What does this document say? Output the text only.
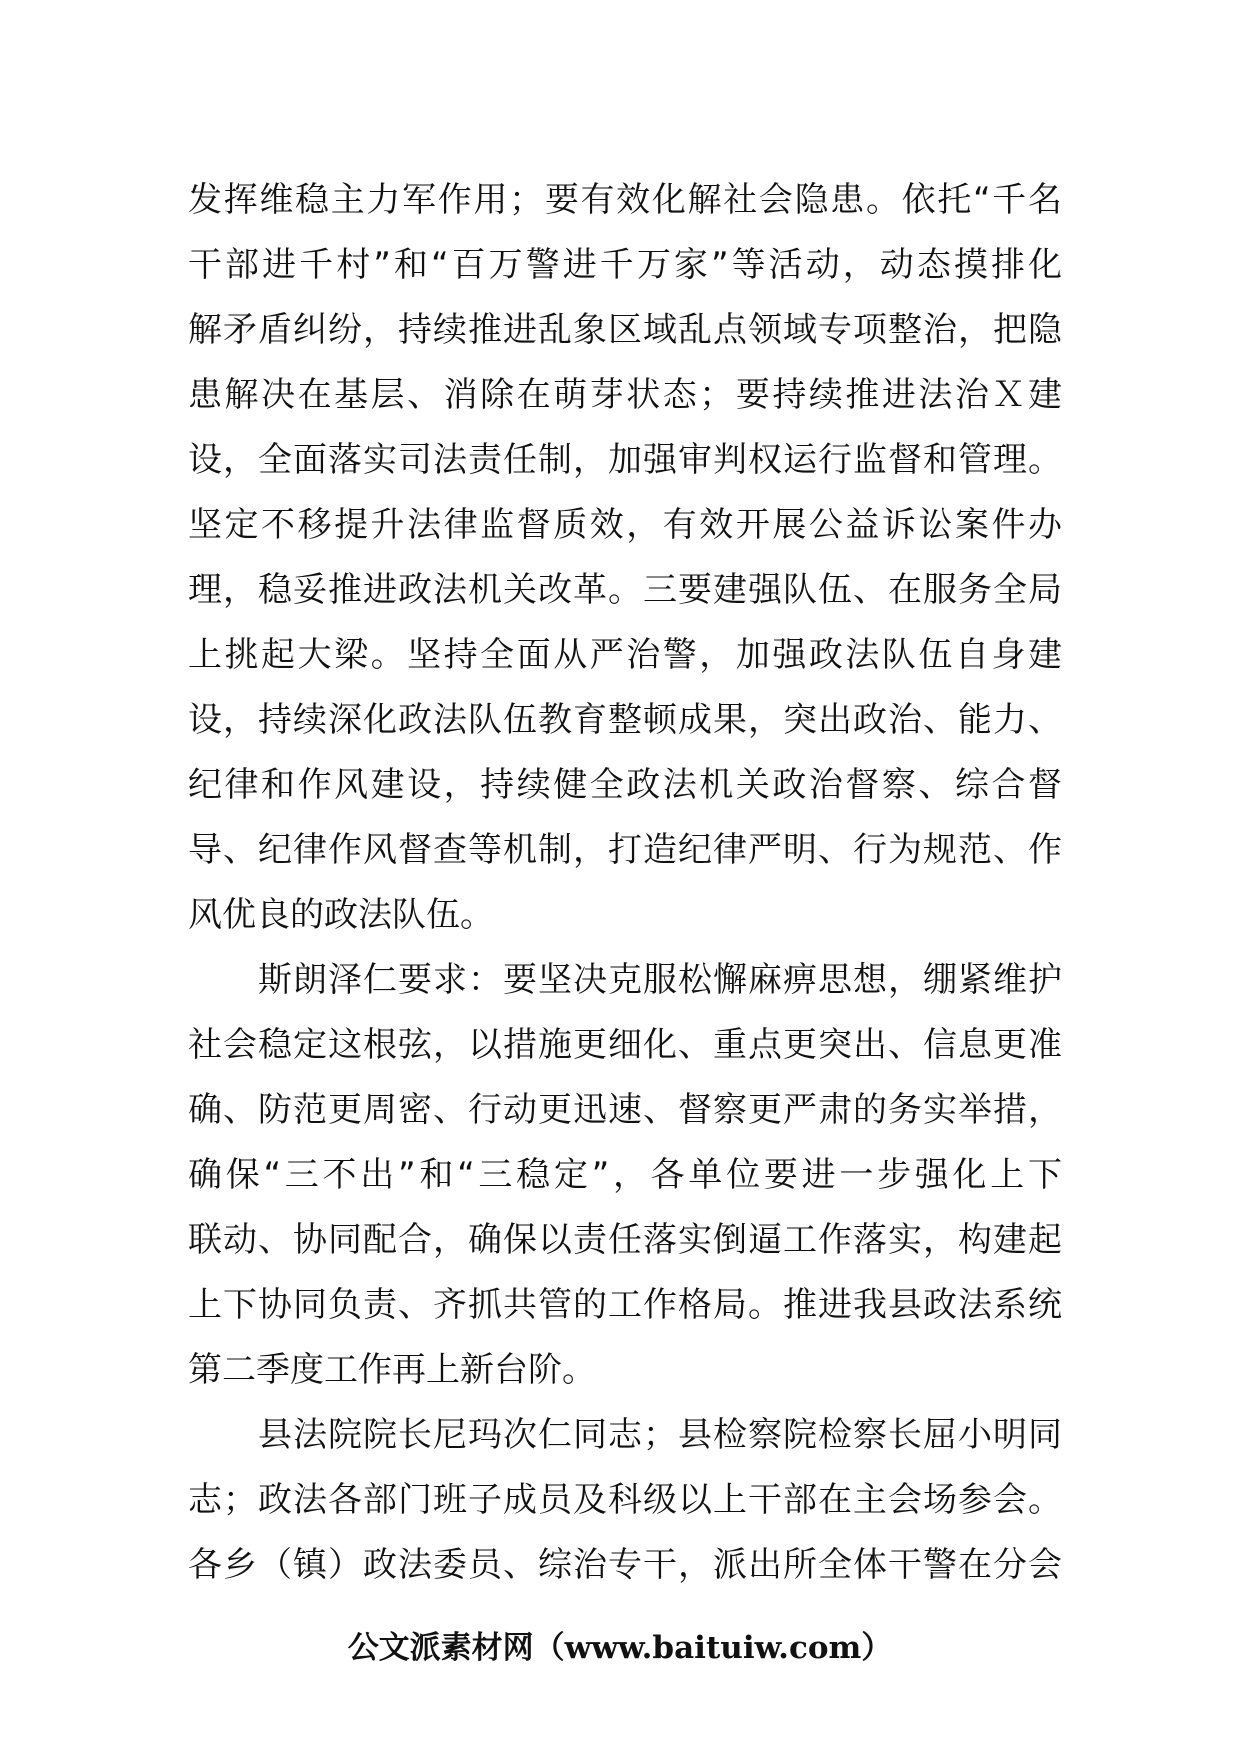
发挥维稳主力军作用；要有效化解社会隐患。依托“千名
干部进千村”和“百万警进千万家”等活动，动态摸排化
解矛盾纠纷，持续推进乱象区域乱点领域专项整治，把隐
患解决在基层、消除在萌芽状态；要持续推进法治Ｘ建
设，全面落实司法责任制，加强审判权运行监督和管理。
坚定不移提升法律监督质效，有效开展公益诉讼案件办
理，稳妥推进政法机关改革。三要建强队伍、在服务全局
上挑起大梁。坚持全面从严治警，加强政法队伍自身建
设，持续深化政法队伍教育整顿成果，突出政治、能力、
纪律和作风建设，持续健全政法机关政治督察、综合督
导、纪律作风督查等机制，打造纪律严明、行为规范、作
风优良的政法队伍。
　　斯朗泽仁要求：要坚决克服松懈麻痹思想，绷紧维护
社会稳定这根弦，以措施更细化、重点更突出、信息更准
确、防范更周密、行动更迅速、督察更严肃的务实举措，
确保“三不出”和“三稳定”，各单位要进一步强化上下
联动、协同配合，确保以责任落实倒逼工作落实，构建起
上下协同负责、齐抓共管的工作格局。推进我县政法系统
第二季度工作再上新台阶。
　　县法院院长尼玛次仁同志；县检察院检察长屈小明同
志；政法各部门班子成员及科级以上干部在主会场参会。
各乡（镇）政法委员、综治专干，派出所全体干警在分会
公文派素材网（www.baituiw.com）
